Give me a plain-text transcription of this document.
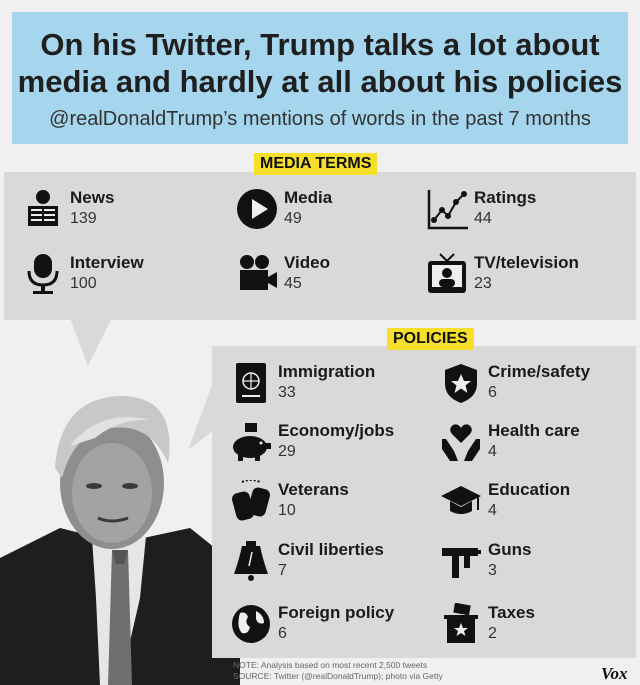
On his Twitter, Trump talks a lot about
media and hardly at all about his policies
@realDonaldTrump’s mentions of words in the past 7 months
MEDIA TERMS
News
139
Media
49
Ratings
44
Interview
100
Video
45
TV/television
23
POLICIES
Immigration
33
Crime/safety
6
Economy/jobs
29
Health care
4
Veterans
10
Education
4
Civil liberties
7
Guns
3
Foreign policy
6
Taxes
2
NOTE: Analysis based on most recent 2,500 tweets
SOURCE: Twitter (@realDonaldTrump); photo via Getty	Vox
